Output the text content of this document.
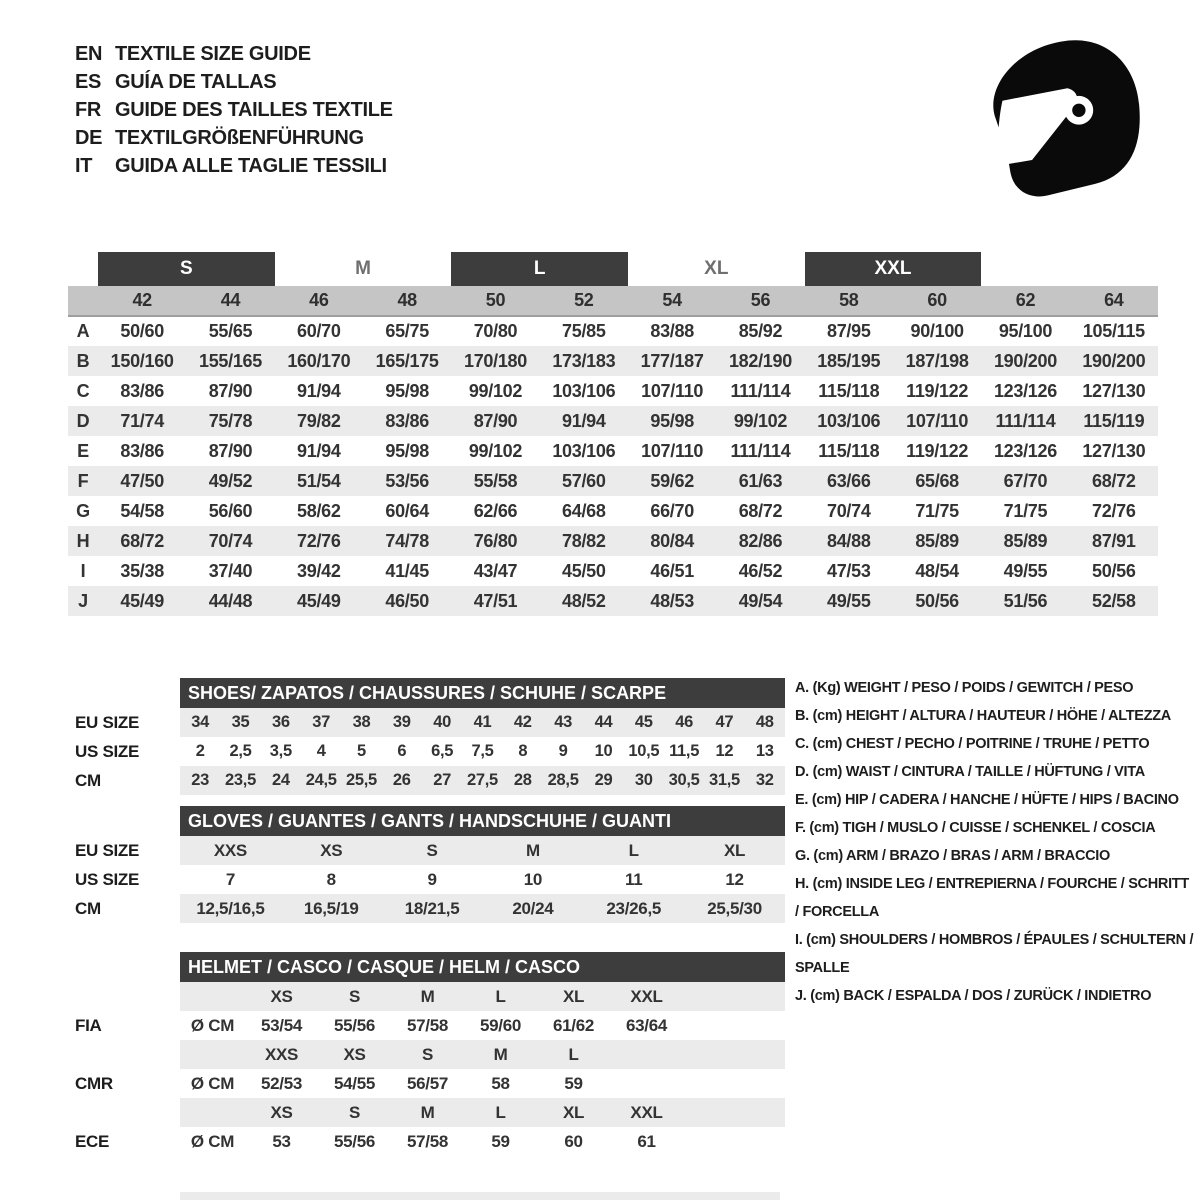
EN TEXTILE SIZE GUIDE
ES GUÍA DE TALLAS
FR GUIDE DES TAILLES TEXTILE
DE TEXTILGRÖßENFÜHRUNG
IT	GUIDA ALLE TAGLIE TESSILI
	S		M		L		XL		XXL			
	42	44	46	48	50	52	54	56	58	60	62	64
A	50/60	55/65	60/70	65/75	70/80	75/85	83/88	85/92	87/95	90/100	95/100	105/115
B	150/160	155/165	160/170	165/175	170/180	173/183	177/187	182/190	185/195	187/198	190/200	190/200
C	83/86	87/90	91/94	95/98	99/102	103/106	107/110	111/114	115/118	119/122	123/126	127/130
D	71/74	75/78	79/82	83/86	87/90	91/94	95/98	99/102	103/106	107/110	111/114	115/119
E	83/86	87/90	91/94	95/98	99/102	103/106	107/110	111/114	115/118	119/122	123/126	127/130
F	47/50	49/52	51/54	53/56	55/58	57/60	59/62	61/63	63/66	65/68	67/70	68/72
G	54/58	56/60	58/62	60/64	62/66	64/68	66/70	68/72	70/74	71/75	71/75	72/76
H	68/72	70/74	72/76	74/78	76/80	78/82	80/84	82/86	84/88	85/89	85/89	87/91
I	35/38	37/40	39/42	41/45	43/47	45/50	46/51	46/52	47/53	48/54	49/55	50/56
J	45/49	44/48	45/49	46/50	47/51	48/52	48/53	49/54	49/55	50/56	51/56	52/58
	SHOES/ ZAPATOS / CHAUSSURES / SCHUHE / SCARPE														
EU SIZE	34	35	36	37	38	39	40	41	42	43	44	45	46	47	48
US SIZE	2	2,5	3,5	4	5	6	6,5	7,5	8	9	10	10,5	11,5	12	13
CM	23	23,5	24	24,5	25,5	26	27	27,5	28	28,5	29	30	30,5	31,5	32
	GLOVES / GUANTES / GANTS / HANDSCHUHE / GUANTI					
EU SIZE	XXS	XS	S	M	L	XL
US SIZE	7	8	9	10	11	12
CM	12,5/16,5	16,5/19	18/21,5	20/24	23/26,5	25,5/30
	HELMET / CASCO / CASQUE / HELM / CASCO							
		XS	S	M	L	XL	XXL	
FIA	Ø CM	53/54	55/56	57/58	59/60	61/62	63/64	
		XXS	XS	S	M	L		
CMR	Ø CM	52/53	54/55	56/57	58	59		
		XS	S	M	L	XL	XXL	
ECE	Ø CM	53	55/56	57/58	59	60	61	
A. (Kg) WEIGHT / PESO / POIDS / GEWITCH / PESO
B. (cm) HEIGHT / ALTURA / HAUTEUR / HÖHE / ALTEZZA
C. (cm) CHEST / PECHO / POITRINE / TRUHE / PETTO
D. (cm) WAIST / CINTURA / TAILLE / HÜFTUNG / VITA
E. (cm) HIP / CADERA / HANCHE / HÜFTE / HIPS / BACINO
F. (cm) TIGH / MUSLO / CUISSE / SCHENKEL / COSCIA
G. (cm) ARM / BRAZO / BRAS / ARM / BRACCIO
H. (cm) INSIDE LEG / ENTREPIERNA / FOURCHE / SCHRITT / FORCELLA
I. (cm) SHOULDERS / HOMBROS / ÉPAULES / SCHULTERN / SPALLE
J. (cm) BACK / ESPALDA / DOS / ZURÜCK / INDIETRO
